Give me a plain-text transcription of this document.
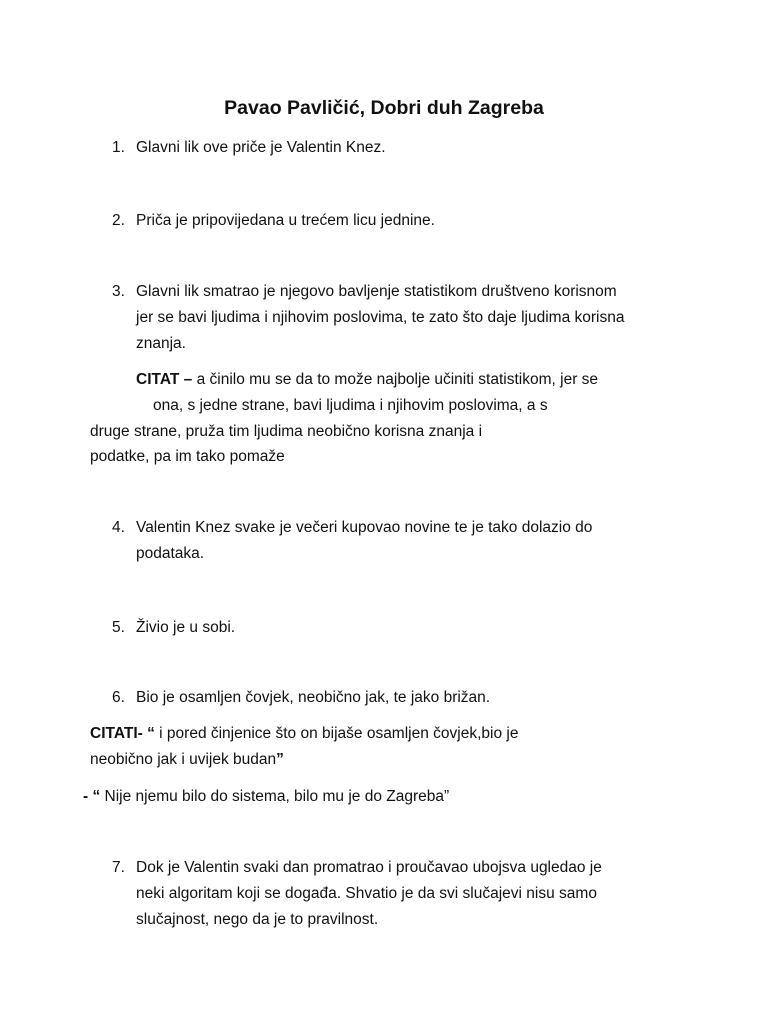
Pavao Pavličić, Dobri duh Zagreba
1. Glavni lik ove priče je Valentin Knez.
2. Priča je pripovijedana u trećem licu jednine.
3. Glavni lik smatrao je njegovo bavljenje statistikom društveno korisnom
jer se bavi ljudima i njihovim poslovima, te zato što daje ljudima korisna
znanja.
CITAT – a činilo mu se da to može najbolje učiniti statistikom, jer se
ona, s jedne strane, bavi ljudima i njihovim poslovima, a s
druge strane, pruža tim ljudima neobično korisna znanja i
podatke, pa im tako pomaže
4. Valentin Knez svake je večeri kupovao novine te je tako dolazio do
podataka.
5. Živio je u sobi.
6. Bio je osamljen čovjek, neobično jak, te jako brižan.
CITATI- “ i pored činjenice što on bijaše osamljen čovjek,bio je
neobično jak i uvijek budan”
- “ Nije njemu bilo do sistema, bilo mu je do Zagreba”
7. Dok je Valentin svaki dan promatrao i proučavao ubojsva ugledao je
neki algoritam koji se događa. Shvatio je da svi slučajevi nisu samo
slučajnost, nego da je to pravilnost.
